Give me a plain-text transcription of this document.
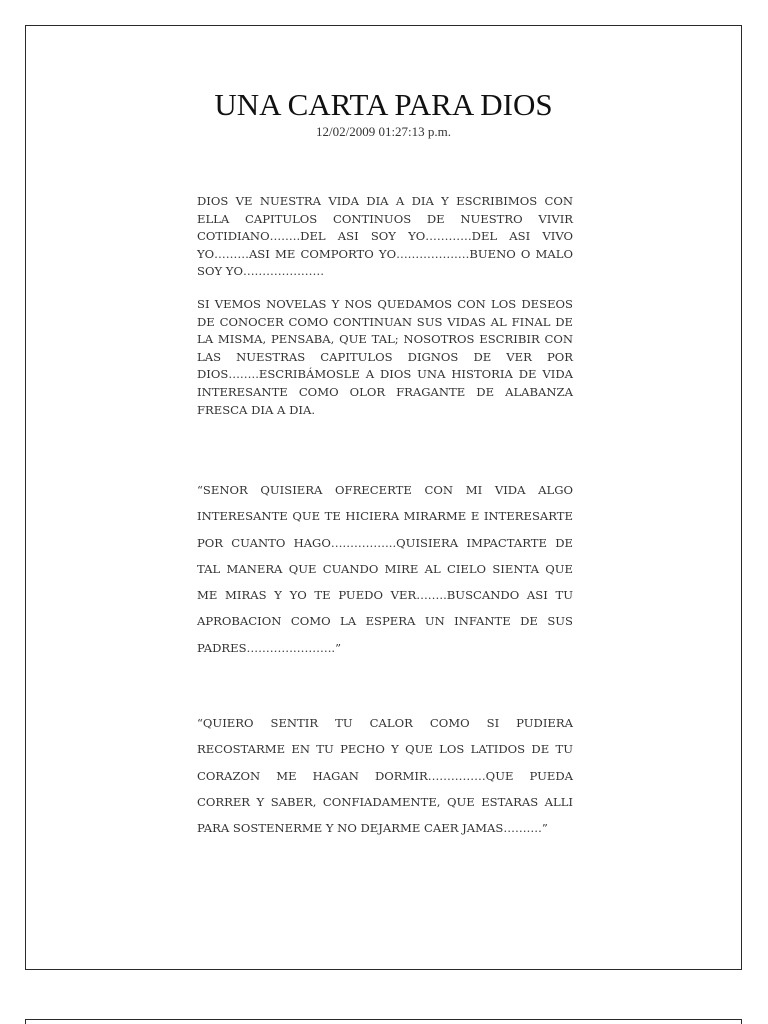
UNA CARTA PARA DIOS
12/02/2009 01:27:13 p.m.
DIOS VE NUESTRA VIDA DIA A DIA Y ESCRIBIMOS CON ELLA CAPITULOS CONTINUOS DE NUESTRO VIVIR COTIDIANO……..DEL ASI SOY YO…………DEL ASI VIVO YO………ASI ME COMPORTO YO……………….BUENO O MALO SOY YO…………………
SI VEMOS NOVELAS Y NOS QUEDAMOS CON LOS DESEOS DE CONOCER COMO CONTINUAN SUS VIDAS AL FINAL DE LA MISMA, PENSABA, QUE TAL; NOSOTROS ESCRIBIR CON LAS NUESTRAS CAPITULOS DIGNOS DE VER POR DIOS……..ESCRIBÁMOSLE A DIOS UNA HISTORIA DE VIDA INTERESANTE COMO OLOR FRAGANTE DE ALABANZA FRESCA DIA A DIA.
“SENOR QUISIERA OFRECERTE CON MI VIDA ALGO INTERESANTE QUE TE HICIERA MIRARME E INTERESARTE POR CUANTO HAGO……………..QUISIERA IMPACTARTE DE TAL MANERA QUE CUANDO MIRE AL CIELO SIENTA QUE ME MIRAS Y YO TE PUEDO VER……..BUSCANDO ASI TU APROBACION COMO LA ESPERA UN INFANTE DE SUS PADRES…………………..”
“QUIERO SENTIR TU CALOR COMO SI PUDIERA RECOSTARME EN TU PECHO Y QUE LOS LATIDOS DE TU CORAZON ME HAGAN DORMIR……………QUE PUEDA CORRER Y SABER, CONFIADAMENTE, QUE ESTARAS ALLI PARA SOSTENERME Y NO DEJARME CAER JAMAS……….”
